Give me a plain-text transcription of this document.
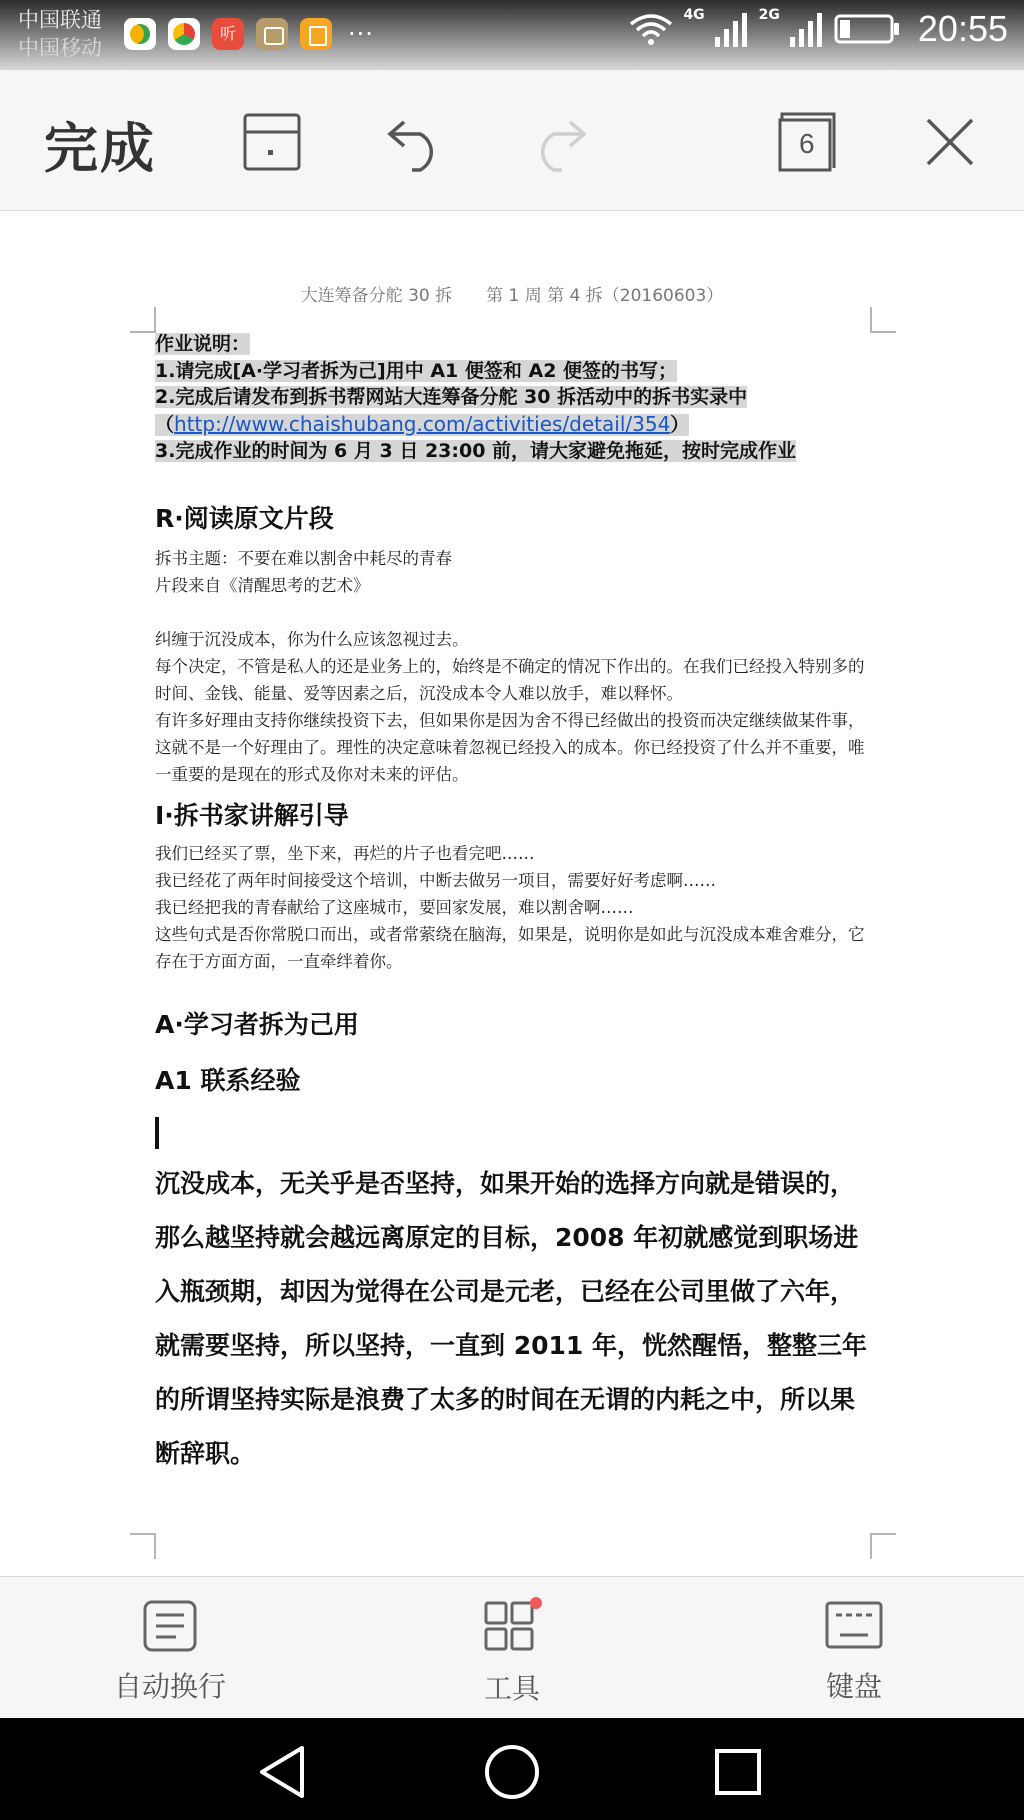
中国联通
中国移动
听	···
4G	2G	20:55
完成	6
大连筹备分舵 30 拆　　第 1 周 第 4 拆（20160603）
作业说明：
1.请完成[A·学习者拆为己]用中 A1 便签和 A2 便签的书写；
2.完成后请发布到拆书帮网站大连筹备分舵 30 拆活动中的拆书实录中
（http://www.chaishubang.com/activities/detail/354）
3.完成作业的时间为 6 月 3 日 23:00 前，请大家避免拖延，按时完成作业
R·阅读原文片段
拆书主题：不要在难以割舍中耗尽的青春
片段来自《清醒思考的艺术》
纠缠于沉没成本，你为什么应该忽视过去。
每个决定，不管是私人的还是业务上的，始终是不确定的情况下作出的。在我们已经投入特别多的时间、金钱、能量、爱等因素之后，沉没成本令人难以放手，难以释怀。
有许多好理由支持你继续投资下去，但如果你是因为舍不得已经做出的投资而决定继续做某件事，这就不是一个好理由了。理性的决定意味着忽视已经投入的成本。你已经投资了什么并不重要，唯一重要的是现在的形式及你对未来的评估。
I·拆书家讲解引导
我们已经买了票，坐下来，再烂的片子也看完吧……
我已经花了两年时间接受这个培训，中断去做另一项目，需要好好考虑啊……
我已经把我的青春献给了这座城市，要回家发展，难以割舍啊……
这些句式是否你常脱口而出，或者常萦绕在脑海，如果是，说明你是如此与沉没成本难舍难分，它存在于方面方面，一直牵绊着你。
A·学习者拆为己用
A1 联系经验
沉没成本，无关乎是否坚持，如果开始的选择方向就是错误的，那么越坚持就会越远离原定的目标，2008 年初就感觉到职场进入瓶颈期，却因为觉得在公司是元老，已经在公司里做了六年，就需要坚持，所以坚持，一直到 2011 年，恍然醒悟，整整三年的所谓坚持实际是浪费了太多的时间在无谓的内耗之中，所以果断辞职。
自动换行	工具	键盘
